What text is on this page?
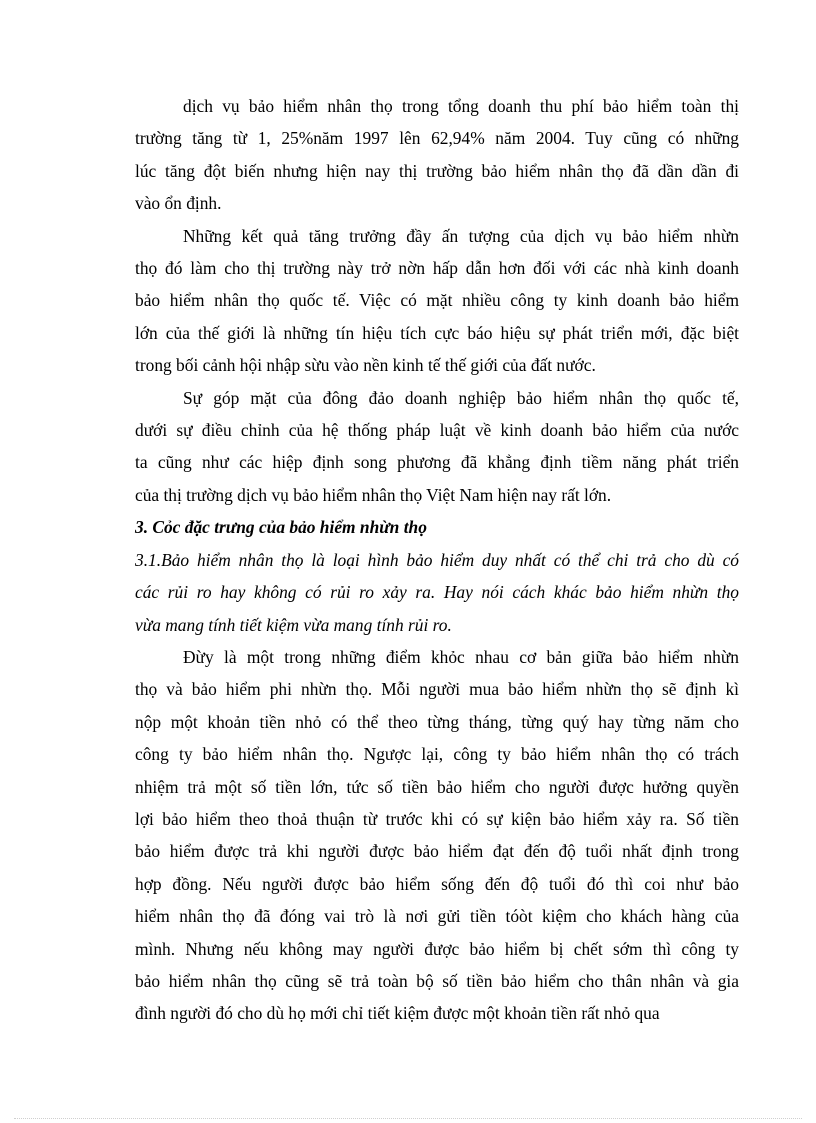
dịch vụ bảo hiểm nhân thọ trong tổng doanh thu phí bảo hiểm toàn thị
trường tăng từ 1, 25%năm 1997 lên 62,94% năm 2004. Tuy cũng có những
lúc tăng đột biến nhưng hiện nay thị trường bảo hiểm nhân thọ đã dần dần đi
vào ổn định.

Những kết quả tăng trưởng đầy ấn tượng của dịch vụ bảo hiểm nhừn
thọ đó làm cho thị trường này trở nờn hấp dẫn hơn đối với các nhà kinh doanh
bảo hiểm nhân thọ quốc tế. Việc có mặt nhiều công ty kinh doanh bảo hiểm
lớn của thế giới là những tín hiệu tích cực báo hiệu sự phát triển mới, đặc biệt
trong bối cảnh hội nhập sừu vào nền kinh tế thế giới của đất nước.

Sự góp mặt của đông đảo doanh nghiệp bảo hiểm nhân thọ quốc tế,
dưới sự điều chỉnh của hệ thống pháp luật về kinh doanh bảo hiểm của nước
ta cũng như các hiệp định song phương đã khẳng định tiềm năng phát triển
của thị trường dịch vụ bảo hiểm nhân thọ Việt Nam hiện nay rất lớn.

3. Cỏc đặc trưng của bảo hiểm nhừn thọ

3.1.Bảo hiểm nhân thọ là loại hình bảo hiểm duy nhất có thể chi trả cho dù có
các rủi ro hay không có rủi ro xảy ra. Hay nói cách khác bảo hiểm nhừn thọ
vừa mang tính tiết kiệm vừa mang tính rủi ro.

Đừy là một trong những điểm khỏc nhau cơ bản giữa bảo hiểm nhừn
thọ và bảo hiểm phi nhừn thọ. Mỗi người mua bảo hiểm nhừn thọ sẽ định kì
nộp một khoản tiền nhỏ có thể theo từng tháng, từng quý hay từng năm cho
công ty bảo hiểm nhân thọ. Ngược lại, công ty bảo hiểm nhân thọ có trách
nhiệm trả một số tiền lớn, tức số tiền bảo hiểm cho người được hưởng quyền
lợi bảo hiểm theo thoả thuận từ trước khi có sự kiện bảo hiểm xảy ra. Số tiền
bảo hiểm được trả khi người được bảo hiểm đạt đến độ tuổi nhất định trong
hợp đồng. Nếu người được bảo hiểm sống đến độ tuổi đó thì coi như bảo
hiểm nhân thọ đã đóng vai trò là nơi gửi tiền tóòt kiệm cho khách hàng của
mình. Nhưng nếu không may người được bảo hiểm bị chết sớm thì công ty
bảo hiểm nhân thọ cũng sẽ trả toàn bộ số tiền bảo hiểm cho thân nhân và gia
đình người đó cho dù họ mới chỉ tiết kiệm được một khoản tiền rất nhỏ qua
